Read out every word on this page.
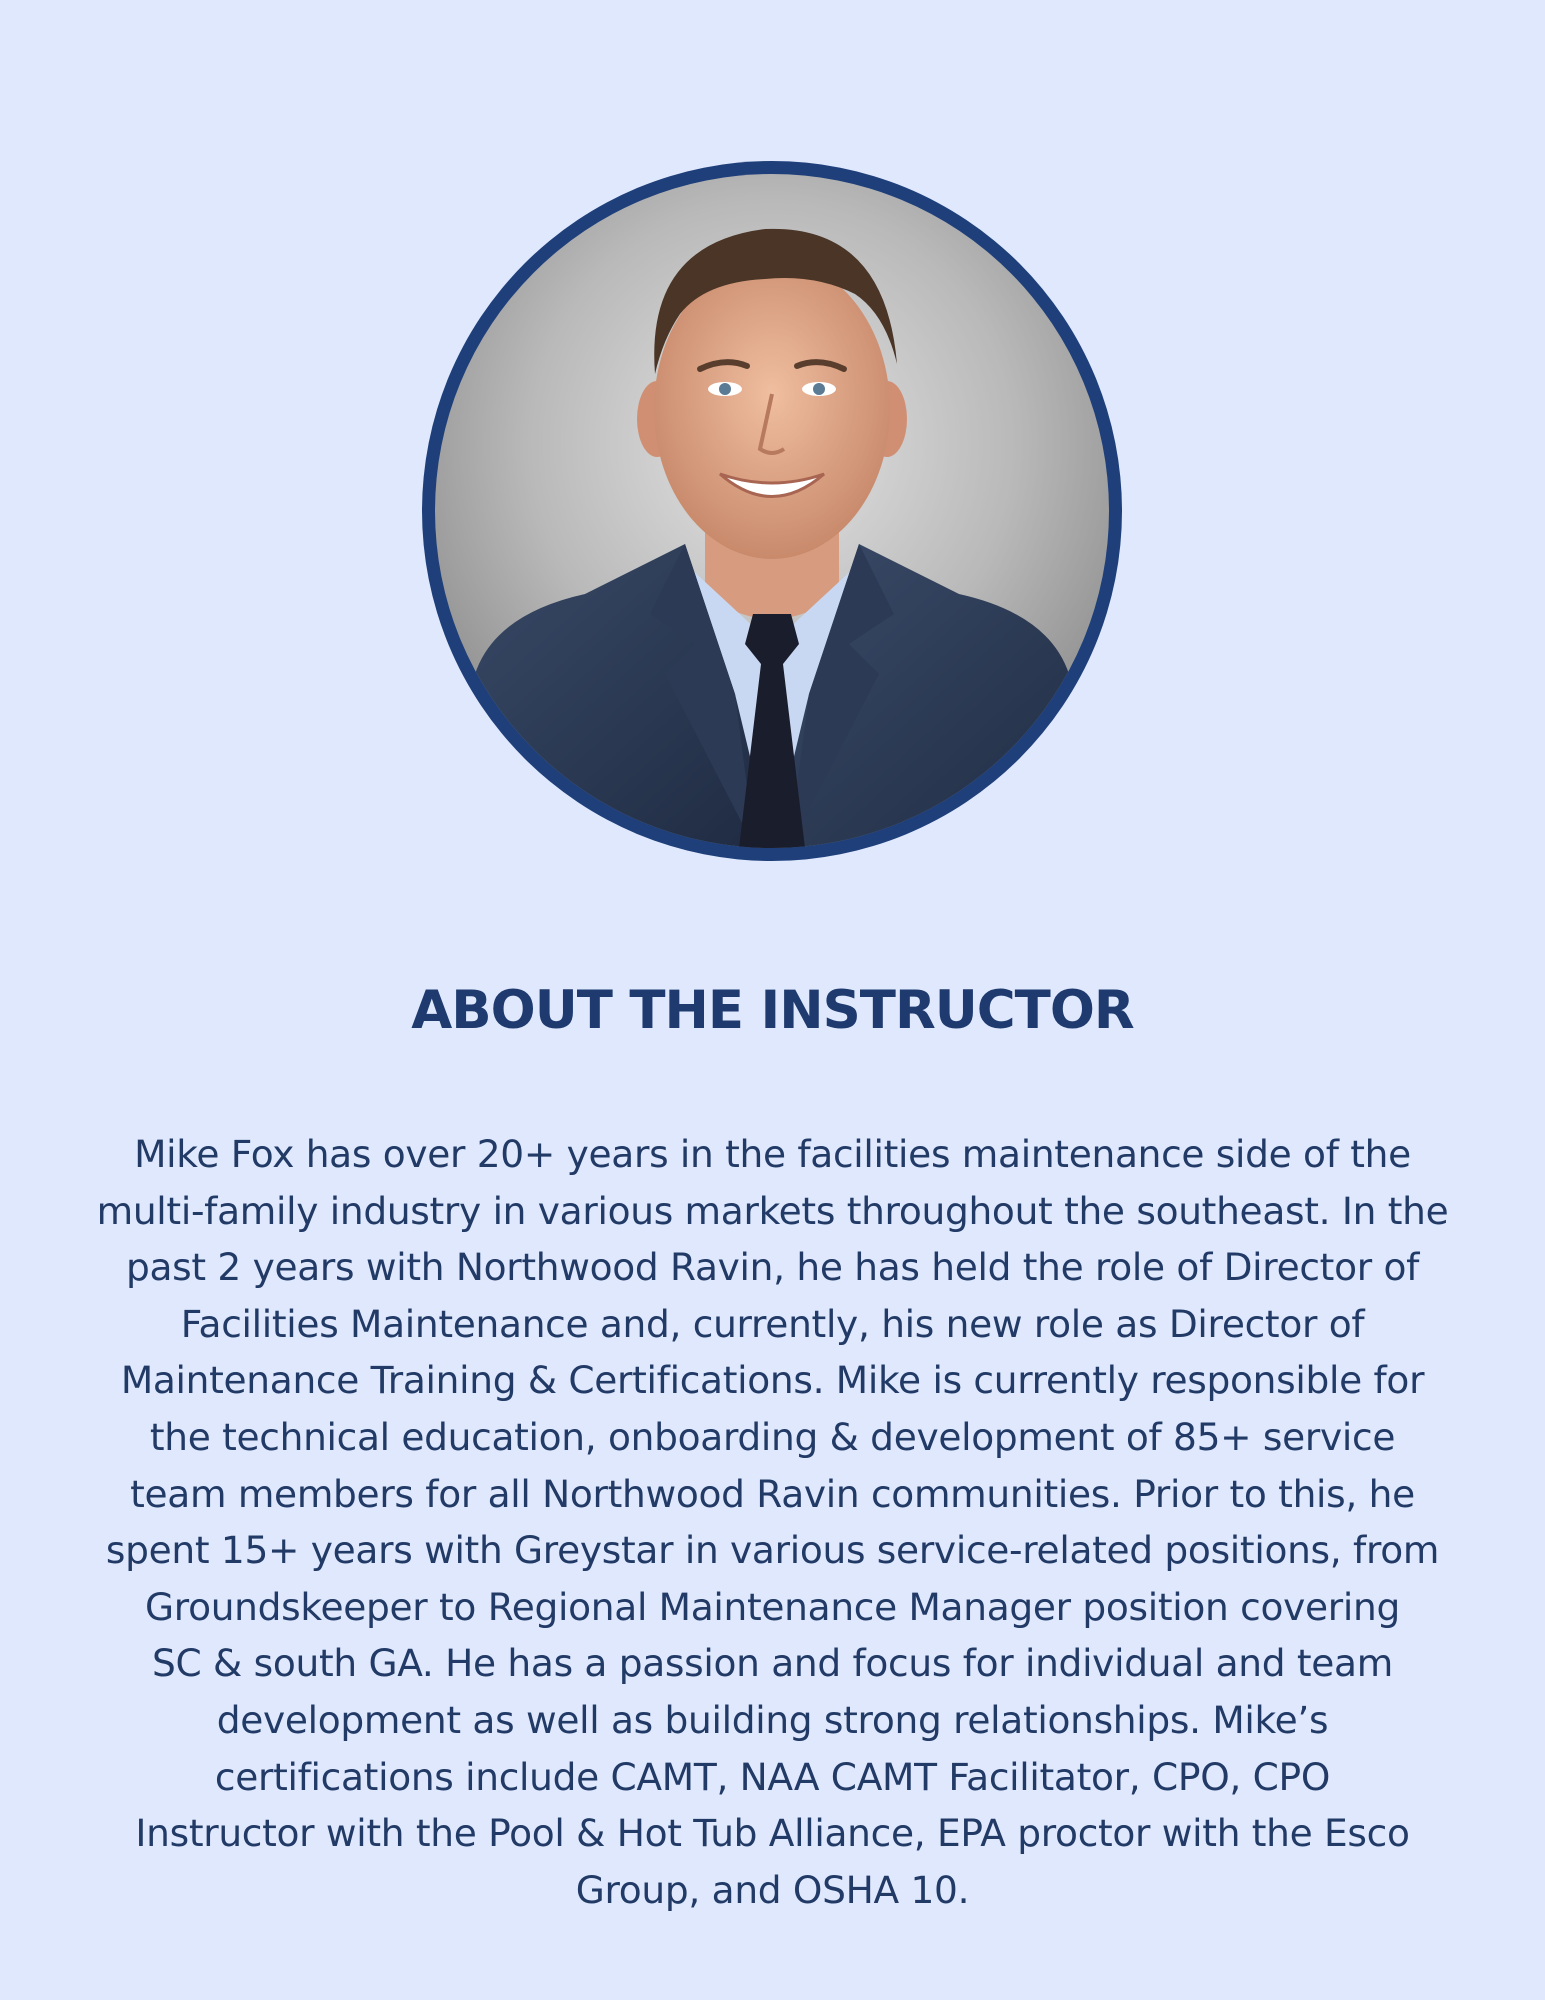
ABOUT THE INSTRUCTOR
Mike Fox has over 20+ years in the facilities maintenance side of the
multi-family industry in various markets throughout the southeast. In the
past 2 years with Northwood Ravin, he has held the role of Director of
Facilities Maintenance and, currently, his new role as Director of
Maintenance Training & Certifications. Mike is currently responsible for
the technical education, onboarding & development of 85+ service
team members for all Northwood Ravin communities. Prior to this, he
spent 15+ years with Greystar in various service-related positions, from
Groundskeeper to Regional Maintenance Manager position covering
SC & south GA. He has a passion and focus for individual and team
development as well as building strong relationships. Mike’s
certifications include CAMT, NAA CAMT Facilitator, CPO, CPO
Instructor with the Pool & Hot Tub Alliance, EPA proctor with the Esco
Group, and OSHA 10.
